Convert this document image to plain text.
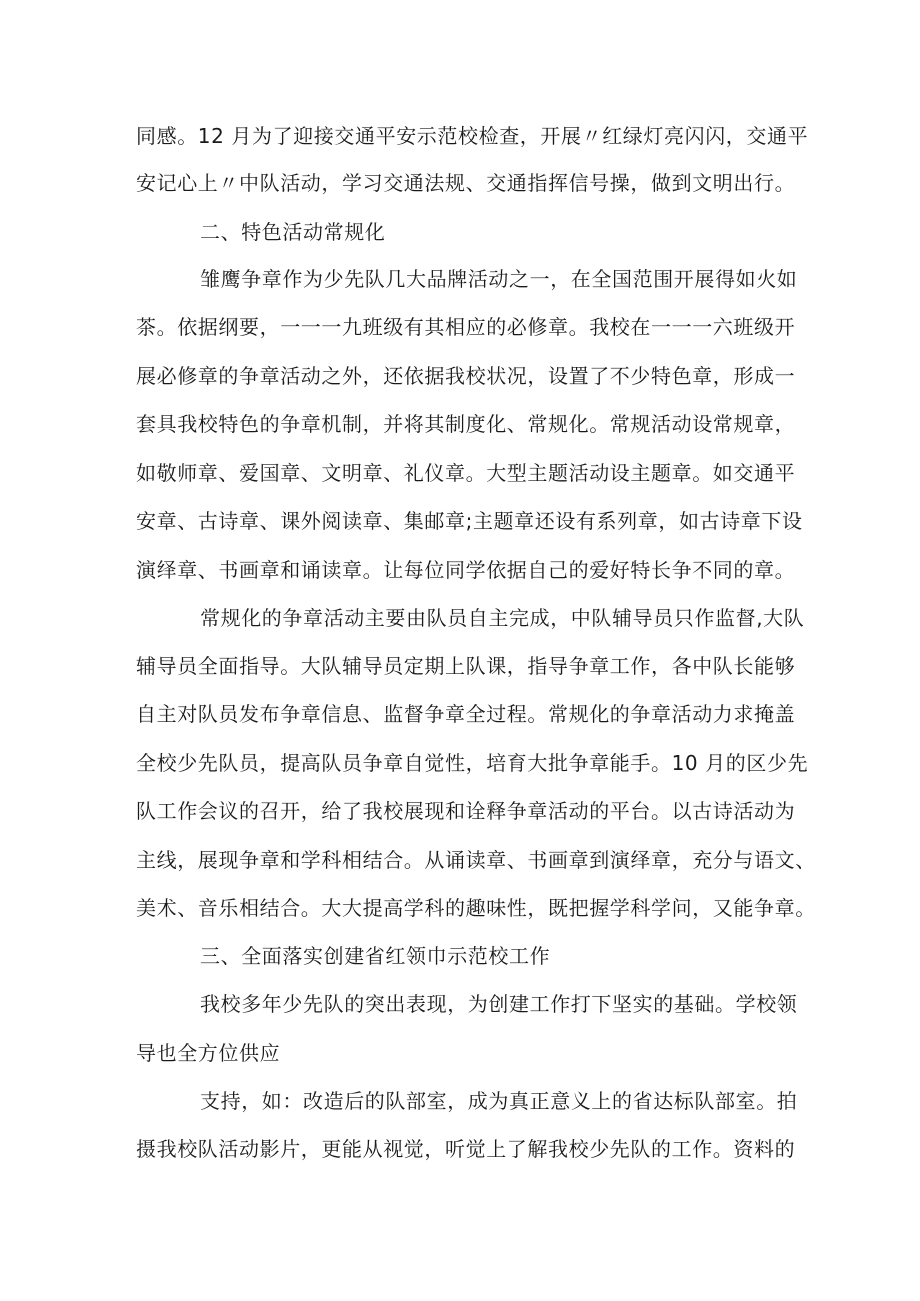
同感。12 月为了迎接交通平安示范校检查，开展〃红绿灯亮闪闪，交通平
安记心上〃中队活动，学习交通法规、交通指挥信号操，做到文明出行。
二、特色活动常规化
雏鹰争章作为少先队几大品牌活动之一，在全国范围开展得如火如
茶。依据纲要，一一一九班级有其相应的必修章。我校在一一一六班级开
展必修章的争章活动之外，还依据我校状况，设置了不少特色章，形成一
套具我校特色的争章机制，并将其制度化、常规化。常规活动设常规章，
如敬师章、爱国章、文明章、礼仪章。大型主题活动设主题章。如交通平
安章、古诗章、课外阅读章、集邮章;主题章还设有系列章，如古诗章下设
演绎章、书画章和诵读章。让每位同学依据自己的爱好特长争不同的章。
常规化的争章活动主要由队员自主完成，中队辅导员只作监督,大队
辅导员全面指导。大队辅导员定期上队课，指导争章工作，各中队长能够
自主对队员发布争章信息、监督争章全过程。常规化的争章活动力求掩盖
全校少先队员，提高队员争章自觉性，培育大批争章能手。10 月的区少先
队工作会议的召开，给了我校展现和诠释争章活动的平台。以古诗活动为
主线，展现争章和学科相结合。从诵读章、书画章到演绎章，充分与语文、
美术、音乐相结合。大大提高学科的趣味性，既把握学科学问，又能争章。
三、全面落实创建省红领巾示范校工作
我校多年少先队的突出表现，为创建工作打下坚实的基础。学校领
导也全方位供应
支持，如：改造后的队部室，成为真正意义上的省达标队部室。拍
摄我校队活动影片，更能从视觉，听觉上了解我校少先队的工作。资料的
